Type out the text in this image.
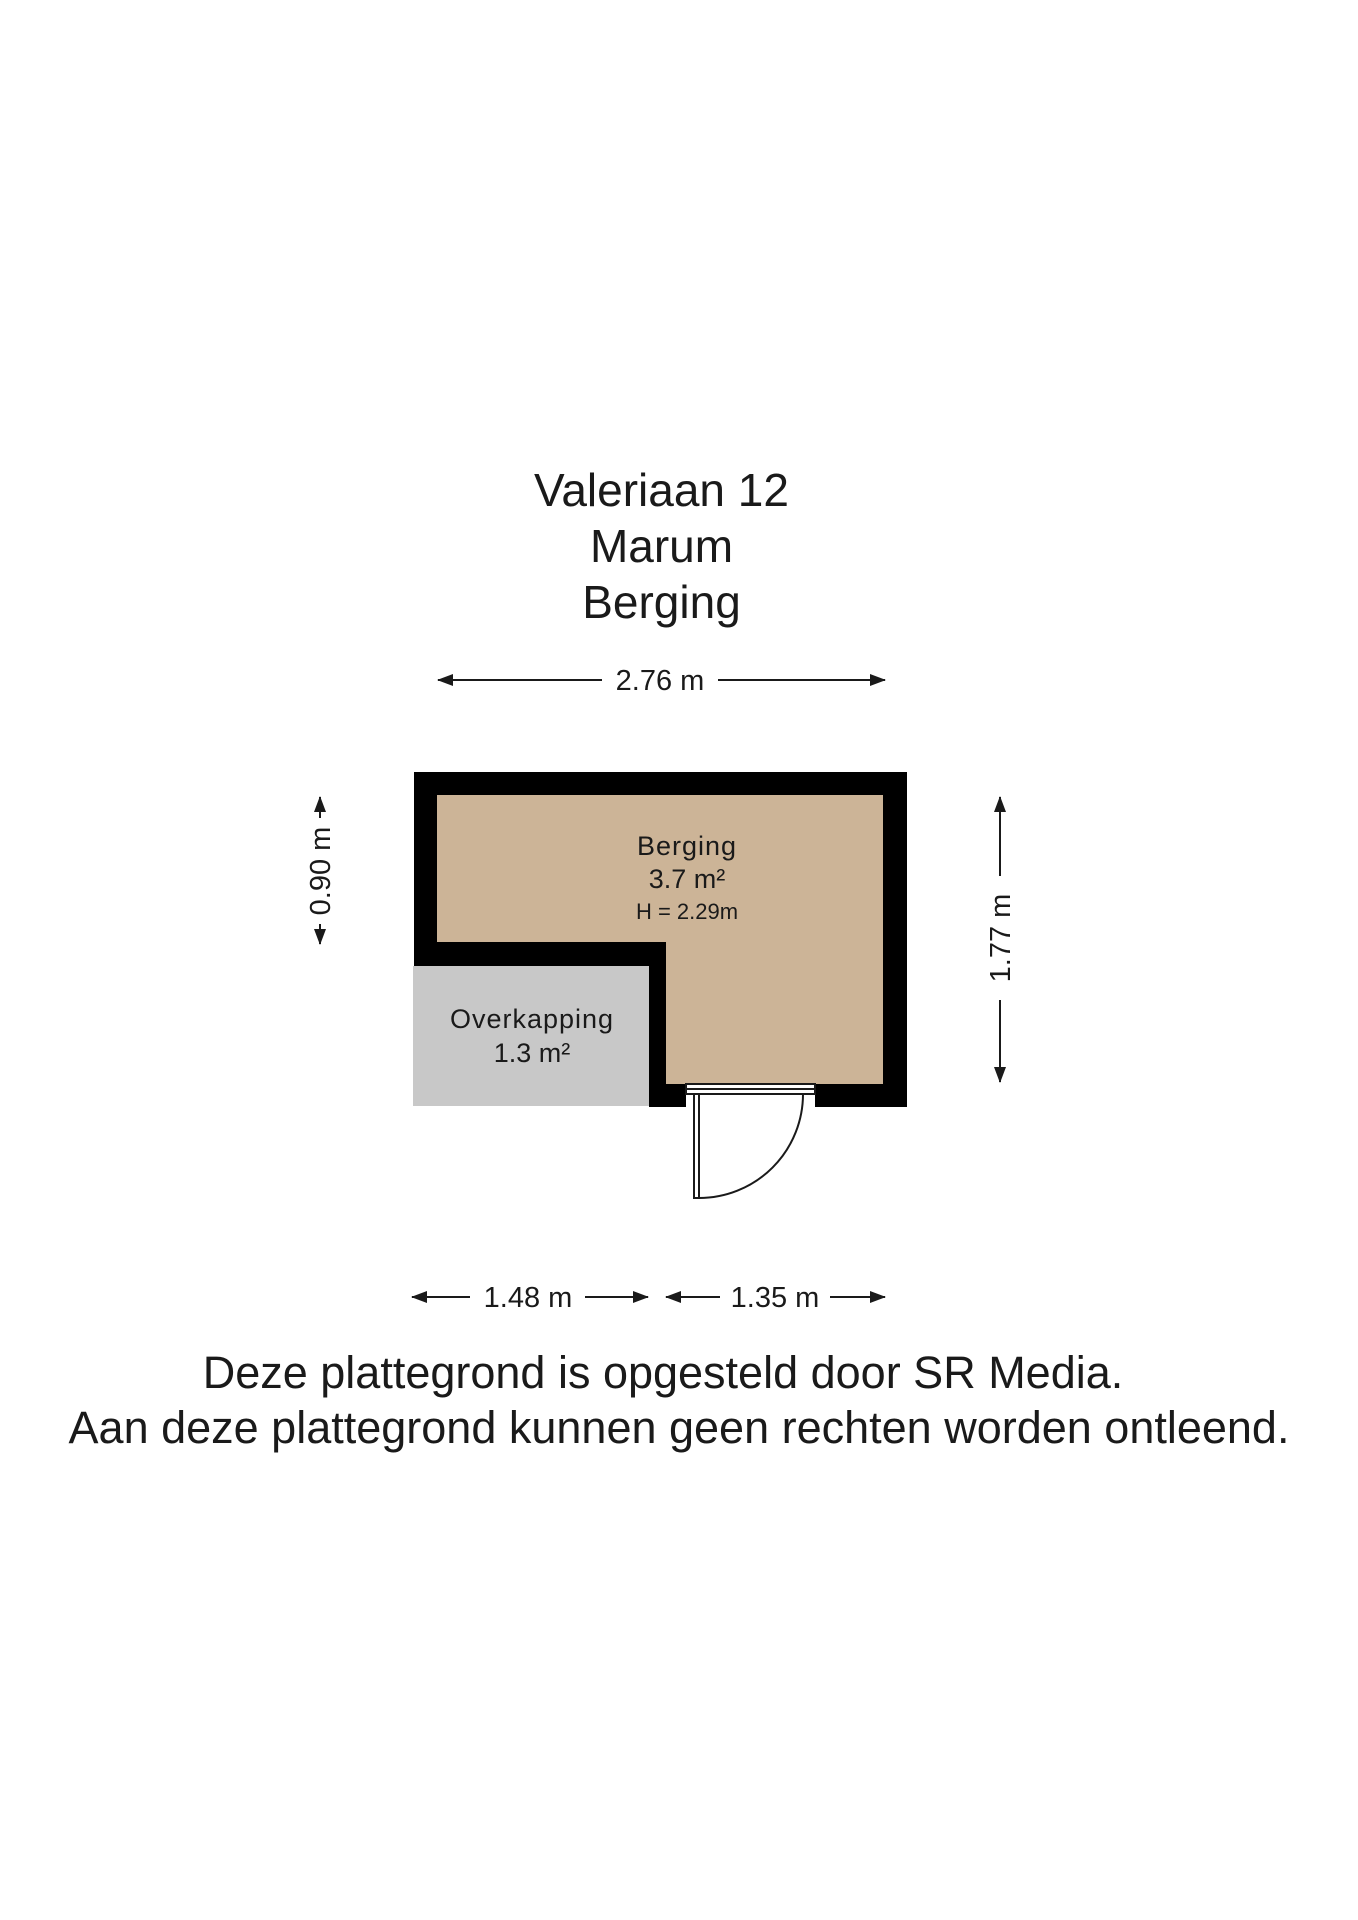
Valeriaan 12
Marum
Berging
Berging
3.7 m²
H = 2.29m
Overkapping
1.3 m²
2.76 m
0.90 m
1.77 m
1.48 m	1.35 m
Deze plattegrond is opgesteld door SR Media.
Aan deze plattegrond kunnen geen rechten worden ontleend.
